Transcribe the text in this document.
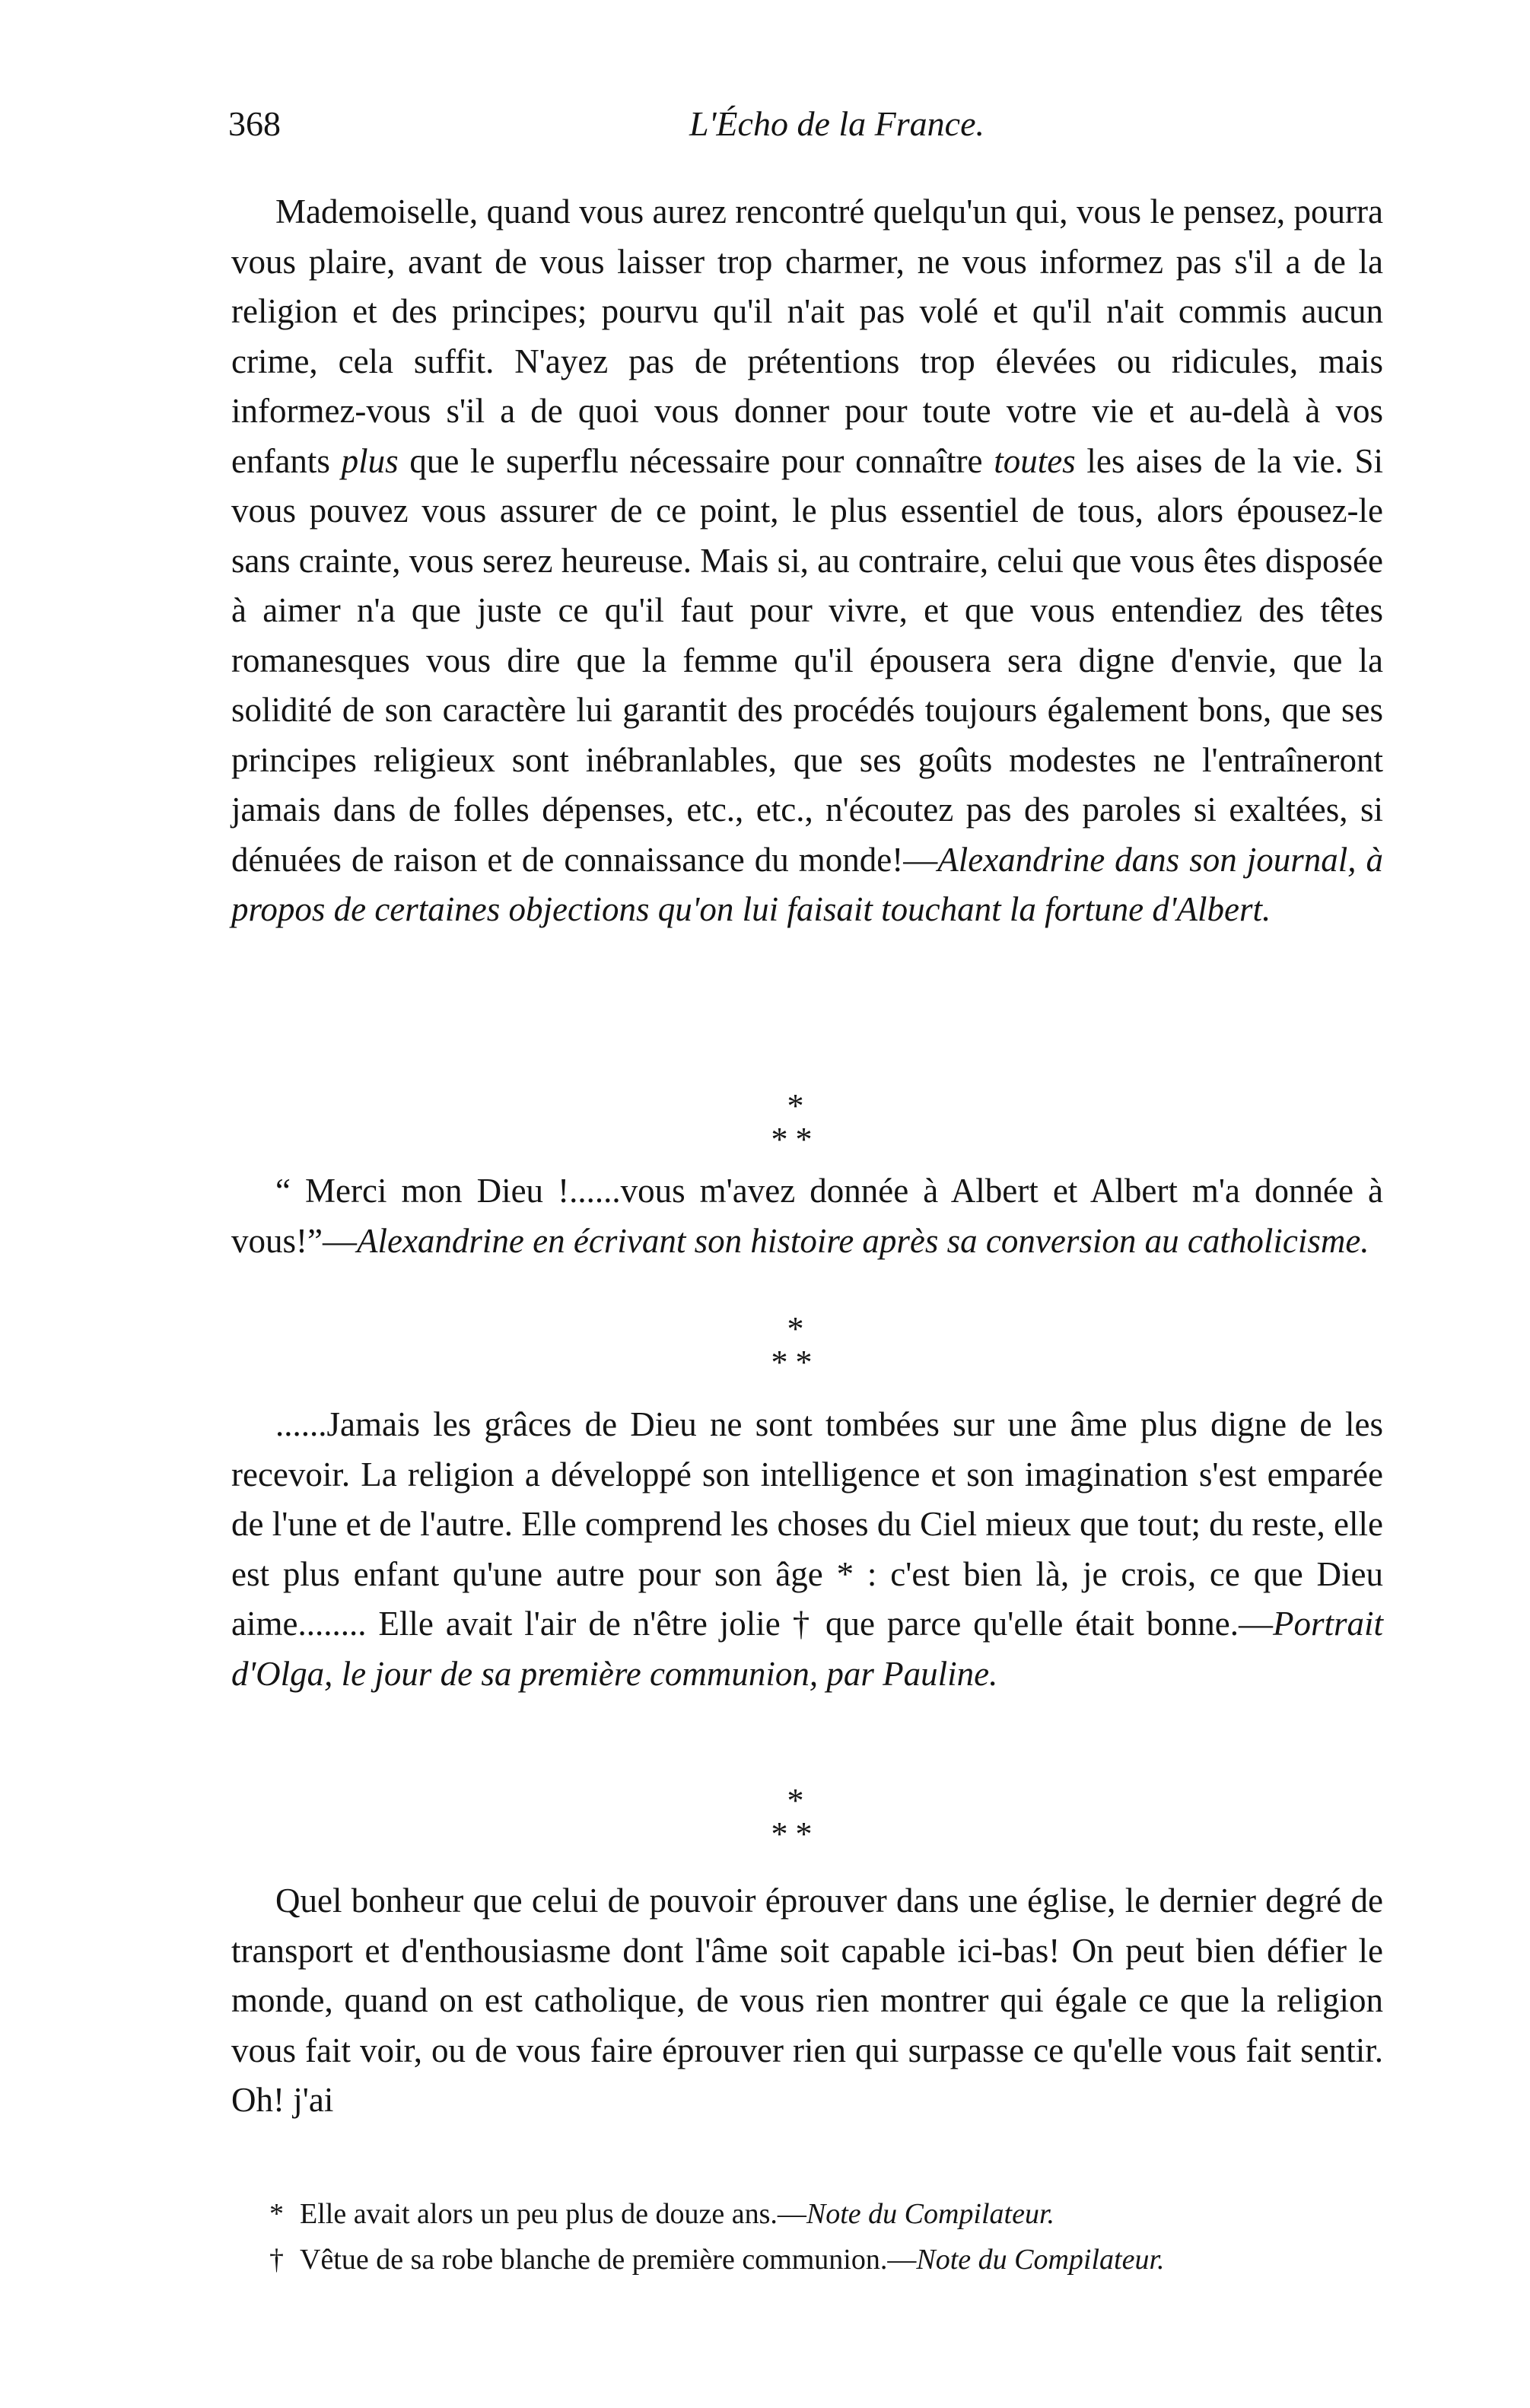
368	L'Écho de la France.
Mademoiselle, quand vous aurez rencontré quelqu'un qui, vous le pensez, pourra vous plaire, avant de vous laisser trop charmer, ne vous informez pas s'il a de la religion et des principes; pourvu qu'il n'ait pas volé et qu'il n'ait commis aucun crime, cela suffit. N'ayez pas de prétentions trop élevées ou ridicules, mais informez-vous s'il a de quoi vous donner pour toute votre vie et au-delà à vos enfants plus que le superflu nécessaire pour connaître toutes les aises de la vie. Si vous pouvez vous assurer de ce point, le plus essentiel de tous, alors épousez-le sans crainte, vous serez heureuse. Mais si, au contraire, celui que vous êtes disposée à aimer n'a que juste ce qu'il faut pour vivre, et que vous entendiez des têtes romanesques vous dire que la femme qu'il épousera sera digne d'envie, que la solidité de son caractère lui garantit des procédés toujours également bons, que ses principes religieux sont inébranlables, que ses goûts modestes ne l'entraîneront jamais dans de folles dépenses, etc., etc., n'écoutez pas des paroles si exaltées, si dénuées de raison et de connaissance du monde!—Alexandrine dans son journal, à propos de certaines objections qu'on lui faisait touchant la fortune d'Albert.
*
**
“ Merci mon Dieu !......vous m'avez donnée à Albert et Albert m'a donnée à vous!”—Alexandrine en écrivant son histoire après sa conversion au catholicisme.
*
**
......Jamais les grâces de Dieu ne sont tombées sur une âme plus digne de les recevoir. La religion a développé son intelligence et son imagination s'est emparée de l'une et de l'autre. Elle comprend les choses du Ciel mieux que tout; du reste, elle est plus enfant qu'une autre pour son âge * : c'est bien là, je crois, ce que Dieu aime........ Elle avait l'air de n'être jolie † que parce qu'elle était bonne.—Portrait d'Olga, le jour de sa première communion, par Pauline.
*
**
Quel bonheur que celui de pouvoir éprouver dans une église, le dernier degré de transport et d'enthousiasme dont l'âme soit capable ici-bas! On peut bien défier le monde, quand on est catholique, de vous rien montrer qui égale ce que la religion vous fait voir, ou de vous faire éprouver rien qui surpasse ce qu'elle vous fait sentir. Oh! j'ai
* Elle avait alors un peu plus de douze ans.—Note du Compilateur.
† Vêtue de sa robe blanche de première communion.—Note du Compilateur.
